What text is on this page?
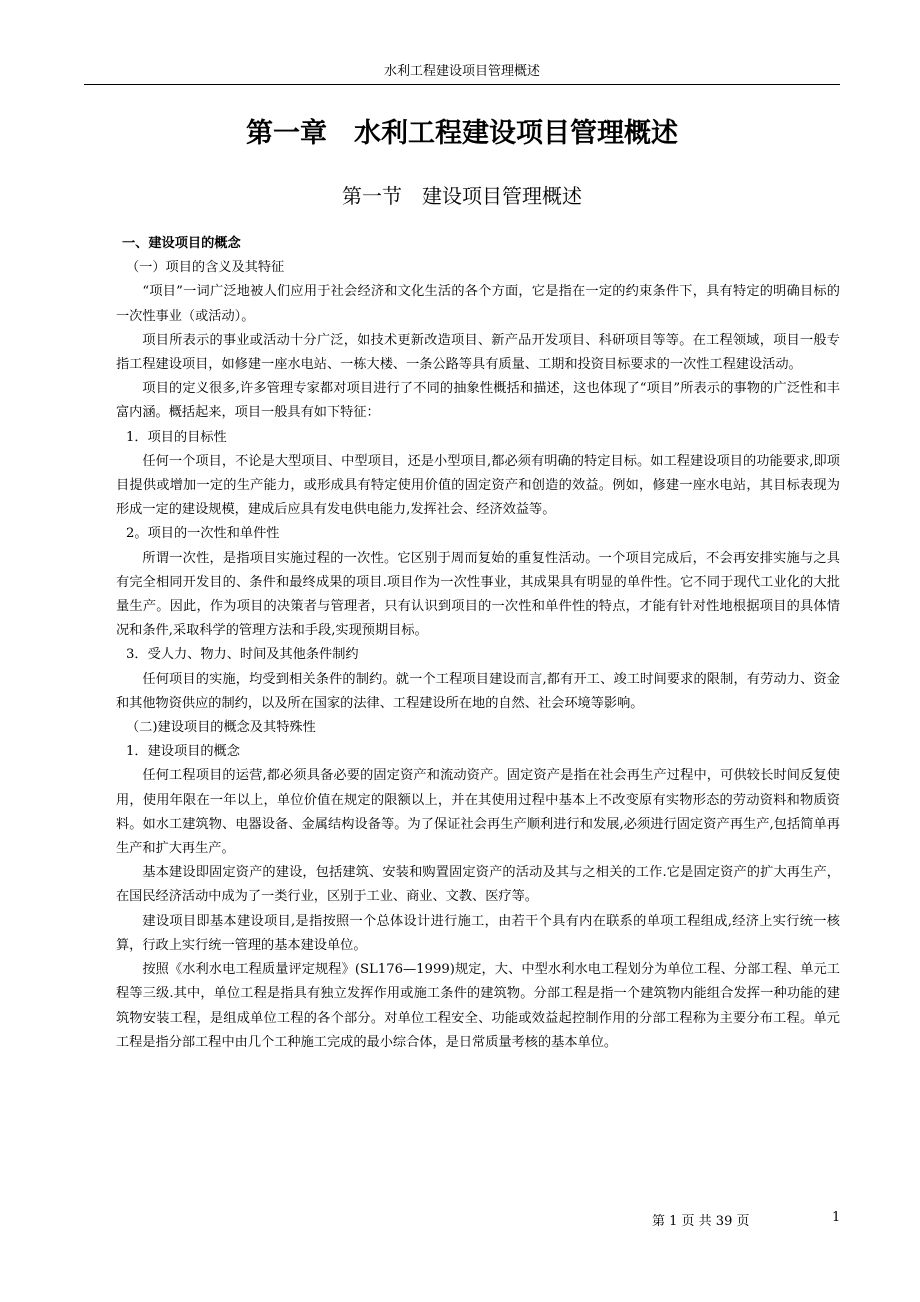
水利工程建设项目管理概述
第一章　水利工程建设项目管理概述
第一节　建设项目管理概述

一、建设项目的概念

（一）项目的含义及其特征

“项目”一词广泛地被人们应用于社会经济和文化生活的各个方面，它是指在一定的约束条件下，具有特定的明确目标的一次性事业（或活动）。

项目所表示的事业或活动十分广泛，如技术更新改造项目、新产品开发项目、科研项目等等。在工程领域，项目一般专指工程建设项目，如修建一座水电站、一栋大楼、一条公路等具有质量、工期和投资目标要求的一次性工程建设活动。

项目的定义很多,许多管理专家都对项目进行了不同的抽象性概括和描述，这也体现了“项目”所表示的事物的广泛性和丰富内涵。概括起来，项目一般具有如下特征：

1．项目的目标性

任何一个项目，不论是大型项目、中型项目，还是小型项目,都必须有明确的特定目标。如工程建设项目的功能要求,即项目提供或增加一定的生产能力，或形成具有特定使用价值的固定资产和创造的效益。例如，修建一座水电站，其目标表现为形成一定的建设规模，建成后应具有发电供电能力,发挥社会、经济效益等。

2。项目的一次性和单件性

所谓一次性，是指项目实施过程的一次性。它区别于周而复始的重复性活动。一个项目完成后，不会再安排实施与之具有完全相同开发目的、条件和最终成果的项目.项目作为一次性事业，其成果具有明显的单件性。它不同于现代工业化的大批量生产。因此，作为项目的决策者与管理者，只有认识到项目的一次性和单件性的特点，才能有针对性地根据项目的具体情况和条件,采取科学的管理方法和手段,实现预期目标。

3．受人力、物力、时间及其他条件制约

任何项目的实施，均受到相关条件的制约。就一个工程项目建设而言,都有开工、竣工时间要求的限制，有劳动力、资金和其他物资供应的制约，以及所在国家的法律、工程建设所在地的自然、社会环境等影响。

（二)建设项目的概念及其特殊性

1．建设项目的概念

任何工程项目的运营,都必须具备必要的固定资产和流动资产。固定资产是指在社会再生产过程中，可供较长时间反复使用，使用年限在一年以上，单位价值在规定的限额以上，并在其使用过程中基本上不改变原有实物形态的劳动资料和物质资料。如水工建筑物、电器设备、金属结构设备等。为了保证社会再生产顺利进行和发展,必须进行固定资产再生产,包括简单再生产和扩大再生产。

基本建设即固定资产的建设，包括建筑、安装和购置固定资产的活动及其与之相关的工作.它是固定资产的扩大再生产，在国民经济活动中成为了一类行业，区别于工业、商业、文教、医疗等。

建设项目即基本建设项目,是指按照一个总体设计进行施工，由若干个具有内在联系的单项工程组成,经济上实行统一核算，行政上实行统一管理的基本建设单位。

按照《水利水电工程质量评定规程》(SL176—1999)规定，大、中型水利水电工程划分为单位工程、分部工程、单元工程等三级.其中，单位工程是指具有独立发挥作用或施工条件的建筑物。分部工程是指一个建筑物内能组合发挥一种功能的建筑物安装工程，是组成单位工程的各个部分。对单位工程安全、功能或效益起控制作用的分部工程称为主要分布工程。单元工程是指分部工程中由几个工种施工完成的最小综合体，是日常质量考核的基本单位。

第 1 页 共 39 页	1
